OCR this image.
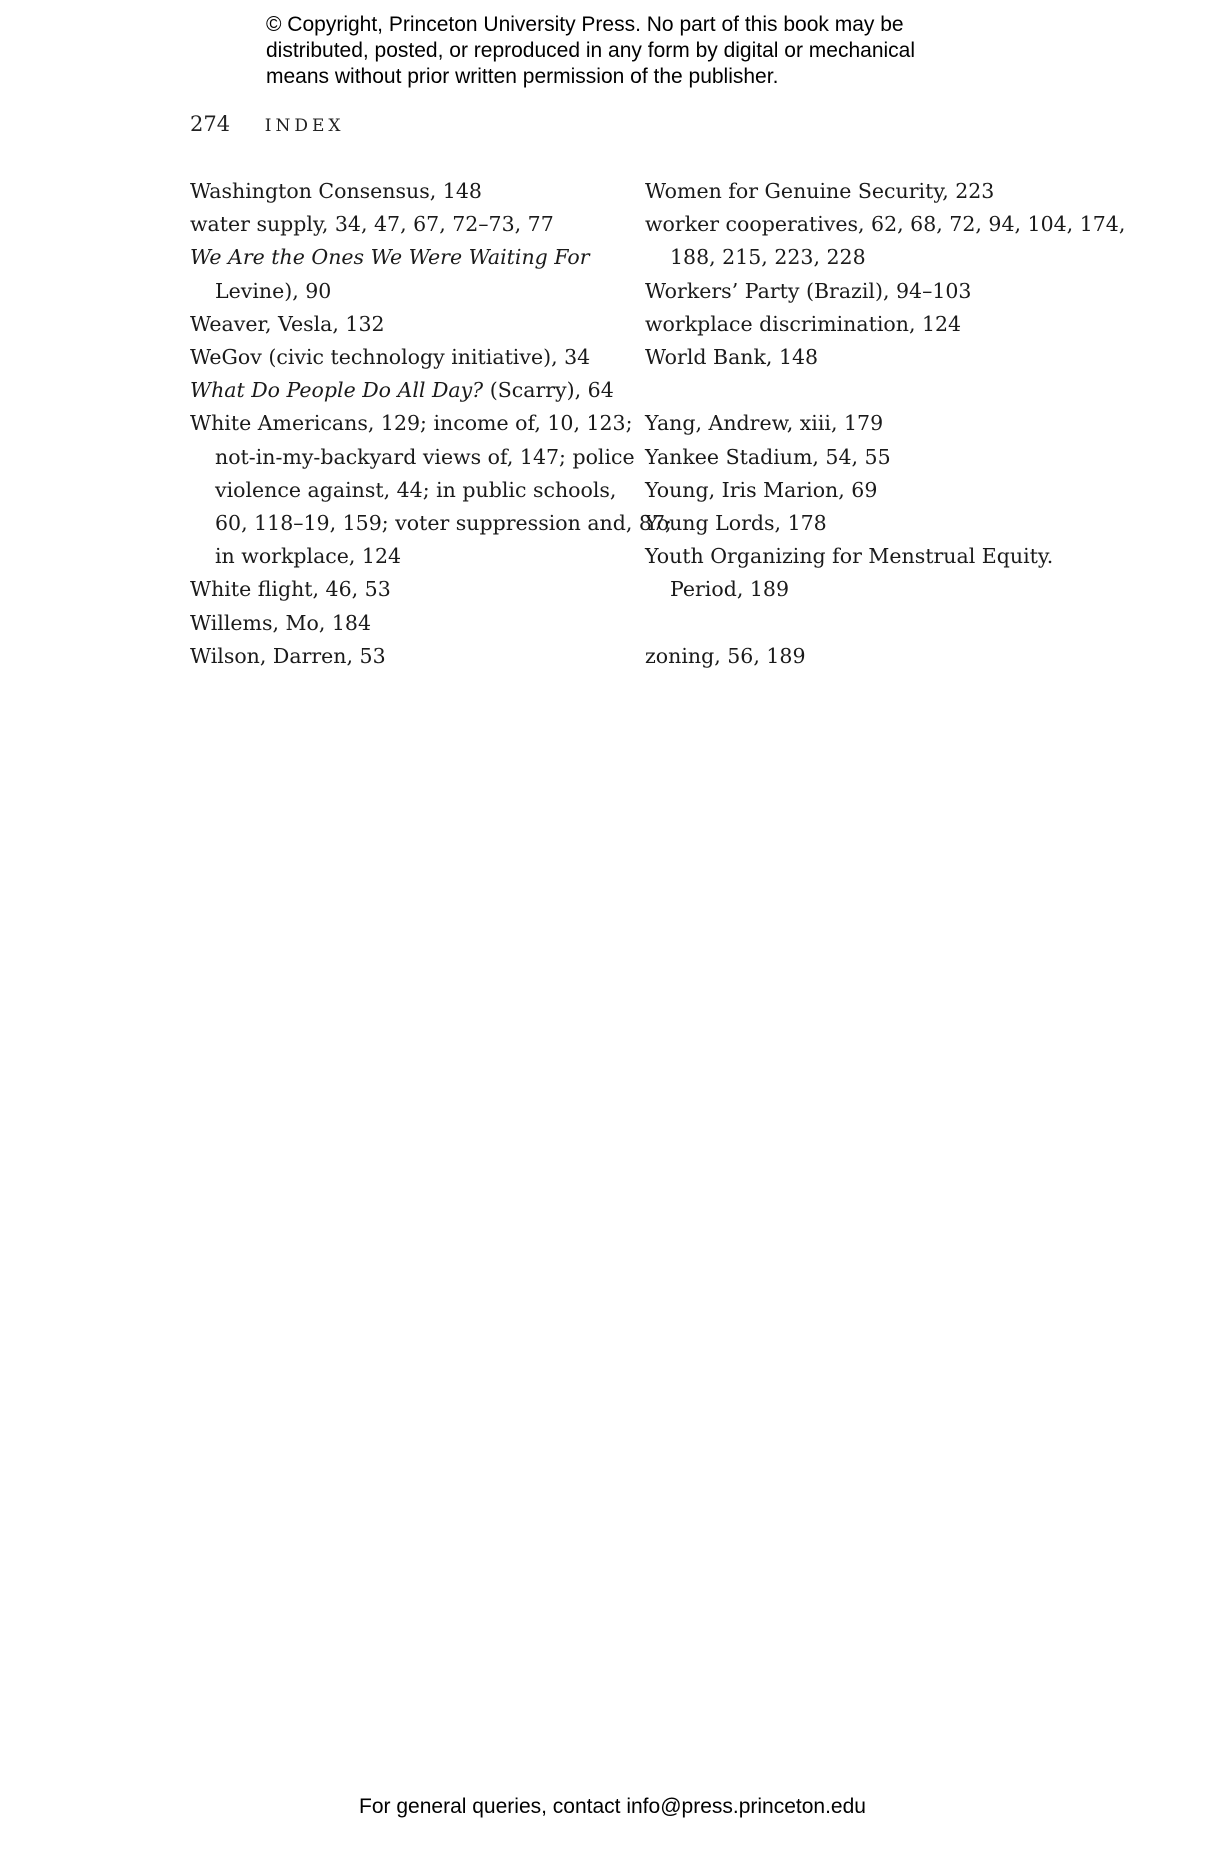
© Copyright, Princeton University Press. No part of this book may be
distributed, posted, or reproduced in any form by digital or mechanical
means without prior written permission of the publisher.
274 INDEX
Washington Consensus, 148
water supply, 34, 47, 67, 72–73, 77
We Are the Ones We Were Waiting For
Levine), 90
Weaver, Vesla, 132
WeGov (civic technology initiative), 34
What Do People Do All Day? (Scarry), 64
White Americans, 129; income of, 10, 123;
not-in-my-backyard views of, 147; police
violence against, 44; in public schools,
60, 118–19, 159; voter suppression and, 87;
in workplace, 124
White flight, 46, 53
Willems, Mo, 184
Wilson, Darren, 53
Women for Genuine Security, 223
worker cooperatives, 62, 68, 72, 94, 104, 174,
188, 215, 223, 228
Workers’ Party (Brazil), 94–103
workplace discrimination, 124
World Bank, 148
Yang, Andrew, xiii, 179
Yankee Stadium, 54, 55
Young, Iris Marion, 69
Young Lords, 178
Youth Organizing for Menstrual Equity.
Period, 189
zoning, 56, 189
For general queries, contact info@press.princeton.edu
